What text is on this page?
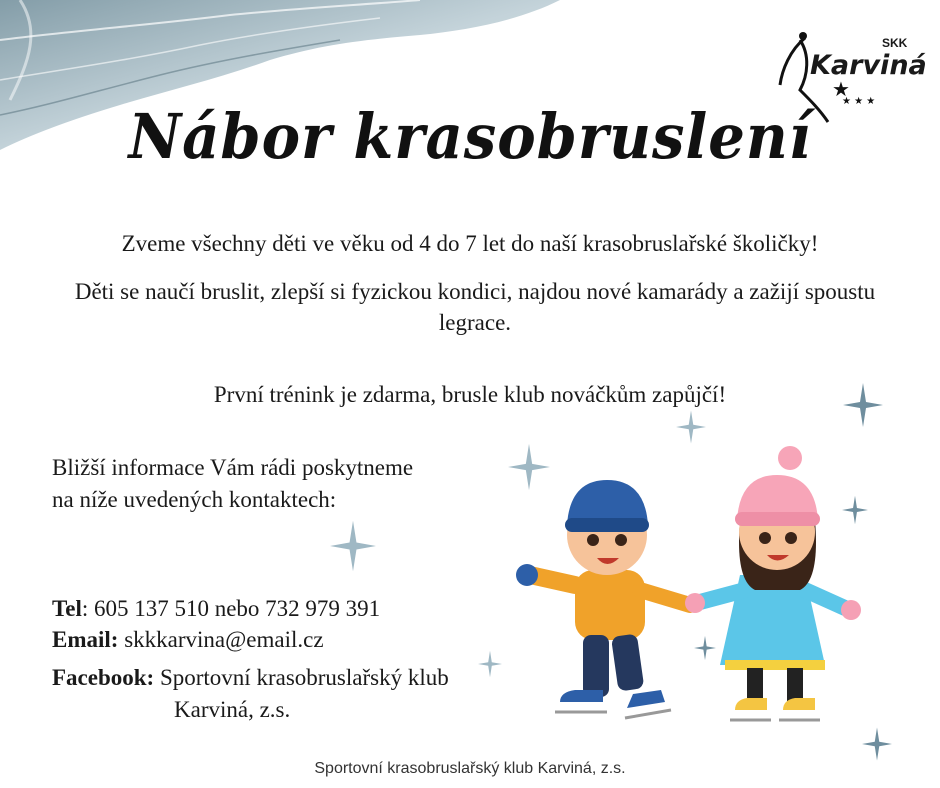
★ ★ ★
★
SKK
Karviná
Nábor krasobruslení
Zveme všechny děti ve věku od 4 do 7 let do naší krasobruslařské školičky!
Děti se naučí bruslit, zlepší si fyzickou kondici, najdou nové kamarády a zažijí spoustu legrace.
První trénink je zdarma, brusle klub nováčkům zapůjčí!
Bližší informace Vám rádi poskytneme na níže uvedených kontaktech:
Tel: 605 137 510 nebo 732 979 391
Email: skkkarvina@email.cz
Facebook: Sportovní krasobruslařský klub
Karviná, z.s.
Sportovní krasobruslařský klub Karviná, z.s.
